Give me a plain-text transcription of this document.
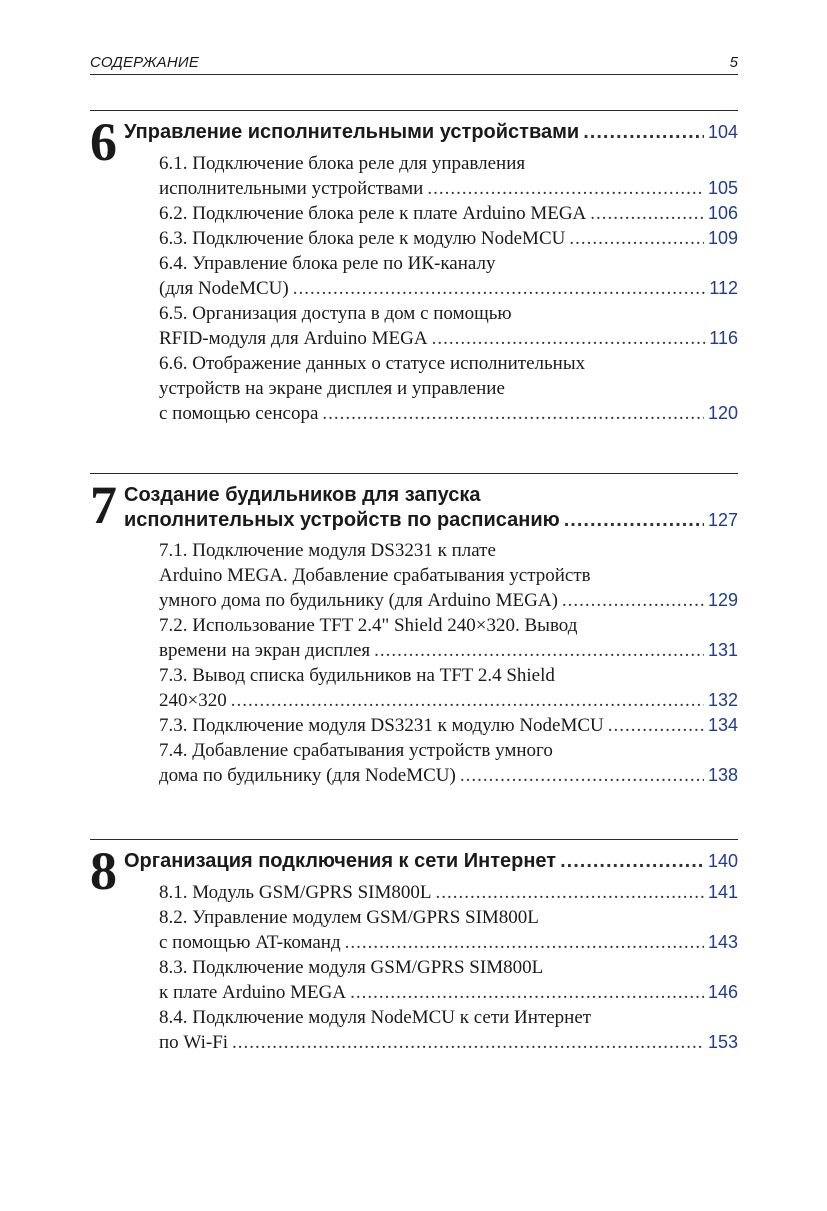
СОДЕРЖАНИЕ	5
6 Управление исполнительными устройствами .....	104
6.1. Подключение блока реле для управления
исполнительными устройствами .....	105
6.2. Подключение блока реле к плате Arduino MEGA .....	106
6.3. Подключение блока реле к модулю NodeMCU .....	109
6.4. Управление блока реле по ИК-каналу
(для NodeMCU) .....	112
6.5. Организация доступа в дом с помощью
RFID-модуля для Arduino MEGA .....	116
6.6. Отображение данных о статусе исполнительных
устройств на экране дисплея и управление
с помощью сенсора .....	120
7 Создание будильников для запуска
исполнительных устройств по расписанию .....	127
7.1. Подключение модуля DS3231 к плате
Arduino MEGA. Добавление срабатывания устройств
умного дома по будильнику (для Arduino MEGA) .....	129
7.2. Использование TFT 2.4" Shield 240×320. Вывод
времени на экран дисплея .....	131
7.3. Вывод списка будильников на TFT 2.4 Shield
240×320 .....	132
7.3. Подключение модуля DS3231 к модулю NodeMCU .....	134
7.4. Добавление срабатывания устройств умного
дома по будильнику (для NodeMCU) .....	138
8 Организация подключения к сети Интернет .....	140
8.1. Модуль GSM/GPRS SIM800L .....	141
8.2. Управление модулем GSM/GPRS SIM800L
с помощью AT-команд .....	143
8.3. Подключение модуля GSM/GPRS SIM800L
к плате Arduino MEGA .....	146
8.4. Подключение модуля NodeMCU к сети Интернет
по Wi-Fi .....	153
